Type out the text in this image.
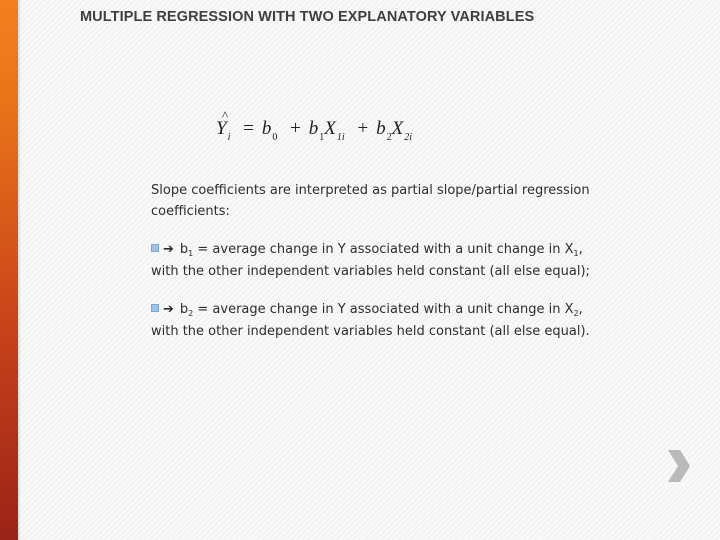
MULTIPLE REGRESSION WITH TWO EXPLANATORY VARIABLES
^
$Y_i = b_0 + b_1X_{1i} + b_2X_{2i}$

Slope coefficients are interpreted as partial slope/partial regression coefficients:

➔ $b_1$ = average change in Y associated with a unit change in $X_1$, with the other independent variables held constant (all else equal);

➔ $b_2$ = average change in Y associated with a unit change in $X_2$, with the other independent variables held constant (all else equal).
